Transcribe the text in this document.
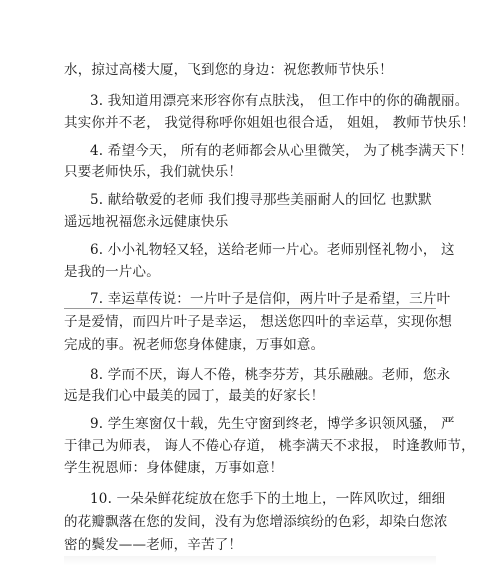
水，掠过高楼大厦，飞到您的身边：祝您教师节快乐！
3. 我知道用漂亮来形容你有点肤浅， 但工作中的你的确靓丽。
其实你并不老， 我觉得称呼你姐姐也很合适， 姐姐， 教师节快乐！
4. 希望今天， 所有的老师都会从心里微笑， 为了桃李满天下！
只要老师快乐，我们就快乐！
5. 献给敬爱的老师 我们搜寻那些美丽耐人的回忆 也默默
遥远地祝福您永远健康快乐
6. 小小礼物轻又轻，送给老师一片心。老师别怪礼物小， 这
是我的一片心。
7. 幸运草传说：一片叶子是信仰，两片叶子是希望，三片叶
子是爱情，而四片叶子是幸运， 想送您四叶的幸运草，实现你想
完成的事。祝老师您身体健康，万事如意。
8. 学而不厌，诲人不倦，桃李芬芳，其乐融融。老师，您永
远是我们心中最美的园丁，最美的好家长！
9. 学生寒窗仅十载，先生守窗到终老，博学多识领风骚， 严
于律己为师表， 诲人不倦心存道， 桃李满天不求报， 时逢教师节，
学生祝恩师：身体健康，万事如意！
10. 一朵朵鲜花绽放在您手下的土地上，一阵风吹过，细细
的花瓣飘落在您的发间，没有为您增添缤纷的色彩，却染白您浓
密的鬓发——老师，辛苦了！
